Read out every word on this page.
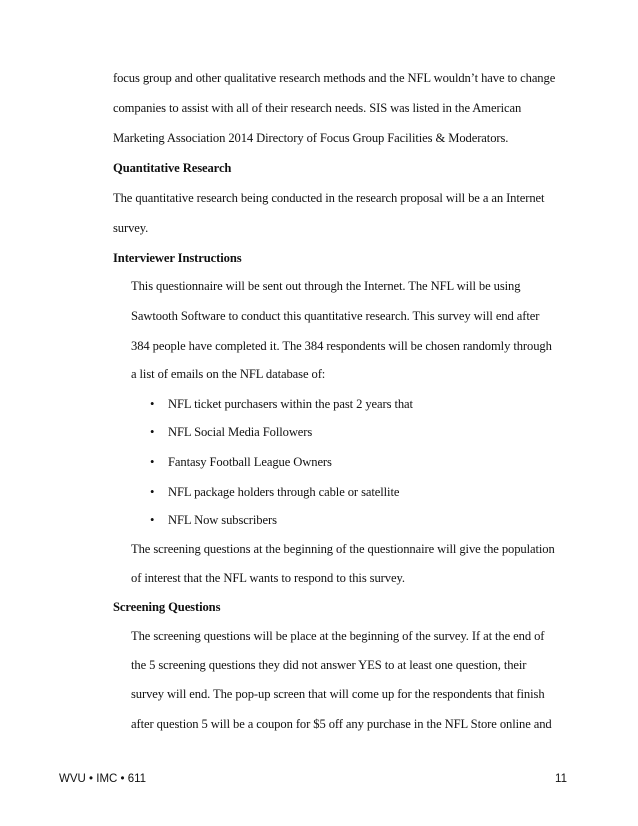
focus group and other qualitative research methods and the NFL wouldn’t have to change
companies to assist with all of their research needs. SIS was listed in the American
Marketing Association 2014 Directory of Focus Group Facilities & Moderators.
Quantitative Research
The quantitative research being conducted in the research proposal will be a an Internet
survey.
Interviewer Instructions
This questionnaire will be sent out through the Internet. The NFL will be using
Sawtooth Software to conduct this quantitative research. This survey will end after
384 people have completed it. The 384 respondents will be chosen randomly through
a list of emails on the NFL database of:
• NFL ticket purchasers within the past 2 years that
• NFL Social Media Followers
• Fantasy Football League Owners
• NFL package holders through cable or satellite
• NFL Now subscribers
The screening questions at the beginning of the questionnaire will give the population
of interest that the NFL wants to respond to this survey.
Screening Questions
The screening questions will be place at the beginning of the survey. If at the end of
the 5 screening questions they did not answer YES to at least one question, their
survey will end. The pop-up screen that will come up for the respondents that finish
after question 5 will be a coupon for $5 off any purchase in the NFL Store online and
WVU • IMC • 611	11
